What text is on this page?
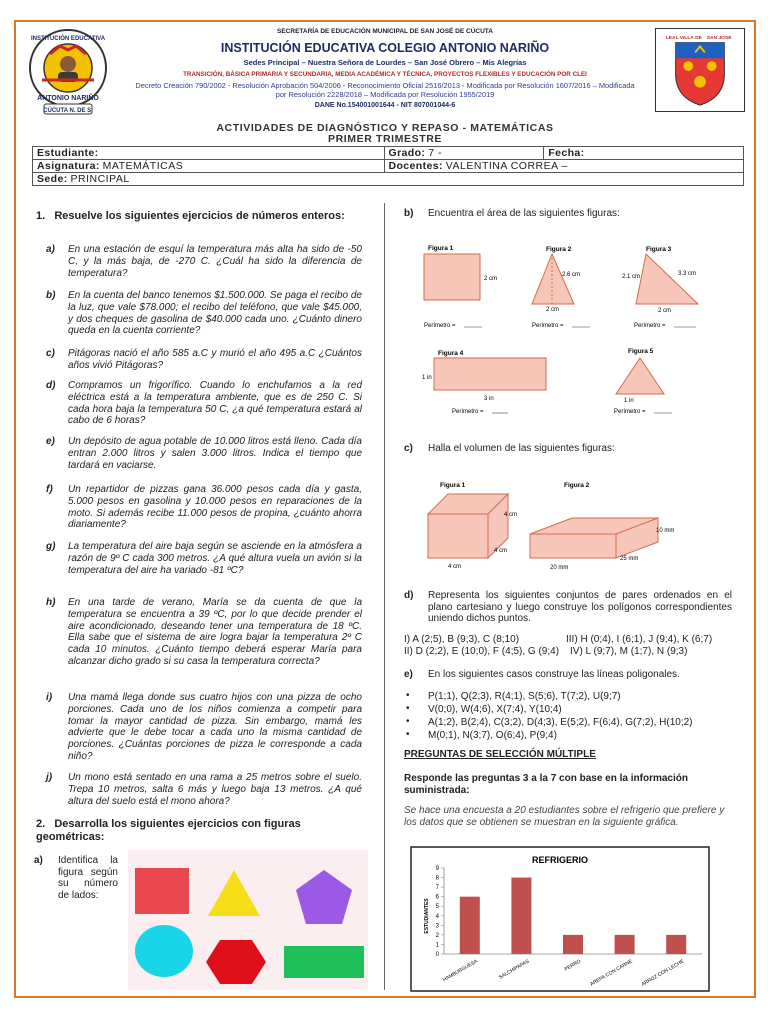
INSTITUCIÓN EDUCATIVA
ANTONIO NARIÑO
CÚCUTA N. DE S.
LEAL VILLA DE SAN JOSÉ
SECRETARÍA DE EDUCACIÓN MUNICIPAL DE SAN JOSÉ DE CÚCUTA
INSTITUCIÓN EDUCATIVA COLEGIO ANTONIO NARIÑO
Sedes Principal – Nuestra Señora de Lourdes – San José Obrero – Mis Alegrías
TRANSICIÓN, BÁSICA PRIMARIA Y SECUNDARIA, MEDIA ACADÉMICA Y TÉCNICA, PROYECTOS FLEXIBLES Y EDUCACIÓN POR CLEI
Decreto Creación 790/2002 - Resolución Aprobación 504/2006 - Reconocimiento Oficial 2516/2013 - Modificada por Resolución 1607/2016 – Modificada por Resolución 2228/2018 – Modificada por Resolución 1955/2019
DANE No.154001001644 - NIT 807001044-6
ACTIVIDADES DE DIAGNÓSTICO Y REPASO - MATEMÁTICAS
PRIMER TRIMESTRE
Estudiante:	Grado: 7 -	Fecha:
Asignatura: MATEMÁTICAS	Docentes: VALENTINA CORREA –	
Sede: PRINCIPAL		
1. Resuelve los siguientes ejercicios de números enteros:
a) En una estación de esquí la temperatura más alta ha sido de -50 C, y la más baja, de -270 C. ¿Cuál ha sido la diferencia de temperatura?
b) En la cuenta del banco tenemos $1.500.000. Se paga el recibo de la luz, que vale $78.000; el recibo del teléfono, que vale $45.000, y dos cheques de gasolina de $40.000 cada uno. ¿Cuánto dinero queda en la cuenta corriente?
c) Pitágoras nació el año 585 a.C y murió el año 495 a.C ¿Cuántos años vivió Pitágoras?
d) Compramos un frigorífico. Cuando lo enchufamos a la red eléctrica está a la temperatura ambiente, que es de 250 C. Si cada hora baja la temperatura 50 C, ¿a qué temperatura estará al cabo de 6 horas?
e) Un depósito de agua potable de 10.000 litros está lleno. Cada día entran 2.000 litros y salen 3.000 litros. Indica el tiempo que tardará en vaciarse.
f) Un repartidor de pizzas gana 36.000 pesos cada día y gasta, 5.000 pesos en gasolina y 10.000 pesos en reparaciones de la moto. Si además recibe 11.000 pesos de propina, ¿cuánto ahorra diariamente?
g) La temperatura del aire baja según se asciende en la atmósfera a razón de 9º C cada 300 metros. ¿A qué altura vuela un avión si la temperatura del aire ha variado -81 ºC?
h) En una tarde de verano, María se da cuenta de que la temperatura se encuentra a 39 ºC, por lo que decide prender el aire acondicionado, deseando tener una temperatura de 18 ºC. Ella sabe que el sistema de aire logra bajar la temperatura 2º C cada 10 minutos. ¿Cuánto tiempo deberá esperar María para alcanzar dicho grado si su casa la temperatura correcta?
i) Una mamá llega donde sus cuatro hijos con una pizza de ocho porciones. Cada uno de los niños comienza a competir para tomar la mayor cantidad de pizza. Sin embargo, mamá les advierte que le debe tocar a cada uno la misma cantidad de porciones. ¿Cuántas porciones de pizza le corresponde a cada niño?
j) Un mono está sentado en una rama a 25 metros sobre el suelo. Trepa 10 metros, salta 6 más y luego baja 13 metros. ¿A qué altura del suelo está el mono ahora?
2. Desarrolla los siguientes ejercicios con figuras geométricas:
a) Identifica la figura según su número de lados:
b) Encuentra el área de las siguientes figuras:
Figura 1
2 cm
Figura 2
2.6 cm
2 cm
Figura 3
2.1 cm	3.3 cm
2 cm
Perímetro =	Perímetro =	Perímetro =
Figura 4
1 in
3 in
Perímetro =
Figura 5
1 in
Perímetro =
c) Halla el volumen de las siguientes figuras:
Figura 1
4 cm
4 cm
4 cm
Figura 2
10 mm
25 mm
20 mm
d) Representa los siguientes conjuntos de pares ordenados en el plano cartesiano y luego construye los polígonos correspondientes uniendo dichos puntos.
I) A (2;5), B (9;3), C (8;10)	III) H (0;4), I (6;1), J (9;4), K (6;7)
II) D (2;2), E (10;0), F (4;5), G (9;4) IV) L (9;7), M (1;7), N (9;3)
e) En los siguientes casos construye las líneas poligonales.
• P(1;1), Q(2;3), R(4;1), S(5;6), T(7;2), U(9;7)
• V(0;0), W(4;6), X(7;4), Y(10;4)
• A(1;2), B(2;4), C(3;2), D(4;3), E(5;2), F(6;4), G(7;2), H(10;2)
• M(0;1), N(3;7), O(6;4), P(9;4)
PREGUNTAS DE SELECCIÓN MÚLTIPLE
Responde las preguntas 3 a la 7 con base en la información suministrada:
Se hace una encuesta a 20 estudiantes sobre el refrigerio que prefiere y los datos que se obtienen se muestran en la siguiente gráfica.
REFRIGERIO
ESTUDIANTES
0
1
2
3
4
5
6
7
8
9
HAMBURGUESA	SALCHIPAPAS	PERRO AREPA CON CARNE ARROZ CON LECHE
